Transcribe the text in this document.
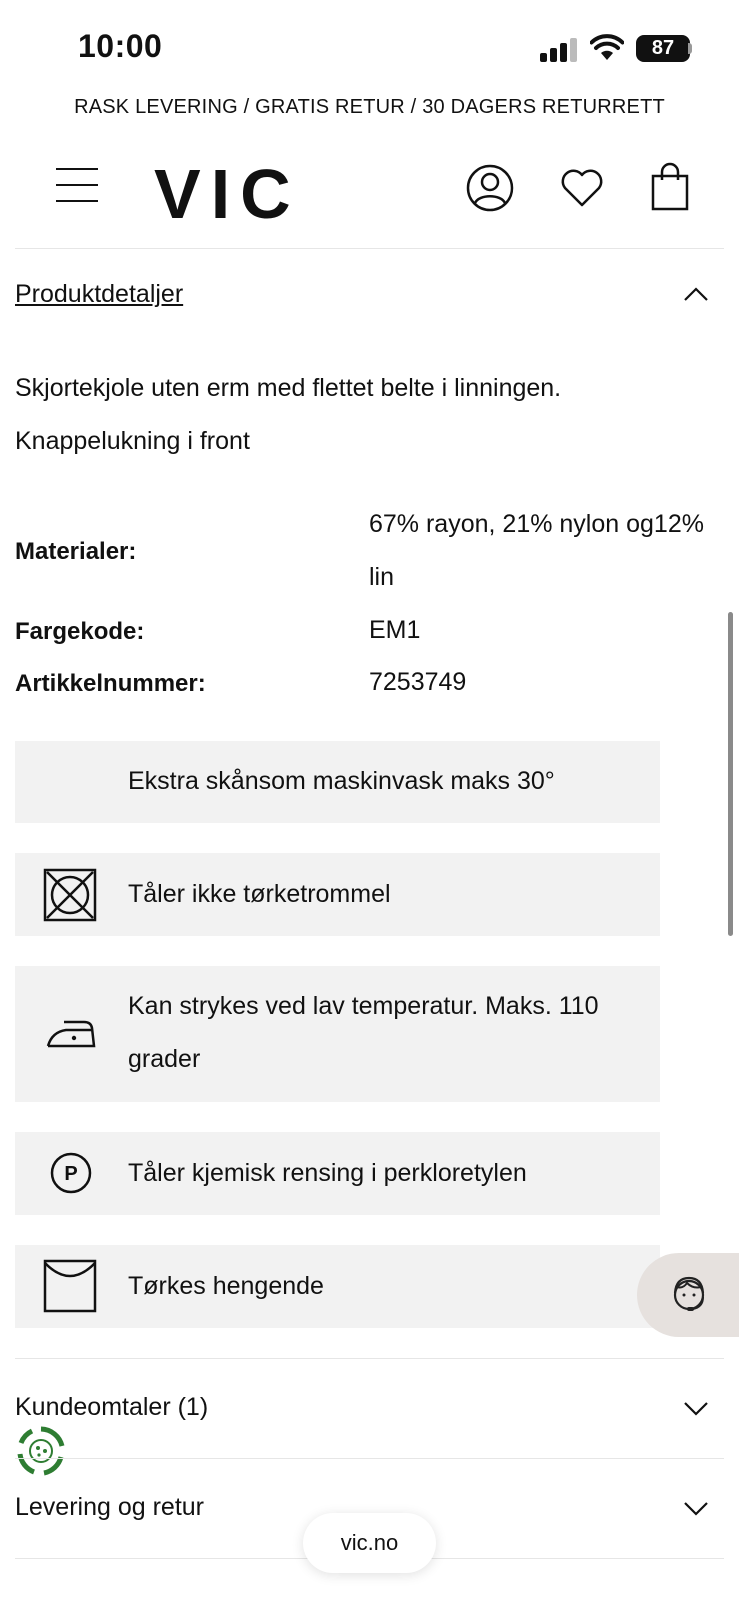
10:00	87
RASK LEVERING / GRATIS RETUR / 30 DAGERS RETURRETT
VIC
Produktdetaljer
Skjortekjole uten erm med flettet belte i linningen.
Knappelukning i front
Materialer:
67% rayon, 21% nylon og12% lin
Fargekode:	EM1
Artikkelnummer:	7253749
Ekstra skånsom maskinvask maks 30°
Tåler ikke tørketrommel
Kan strykes ved lav temperatur. Maks. 110 grader
P Tåler kjemisk rensing i perkloretylen
Tørkes hengende
Kundeomtaler (1)
Levering og retur
vic.no
